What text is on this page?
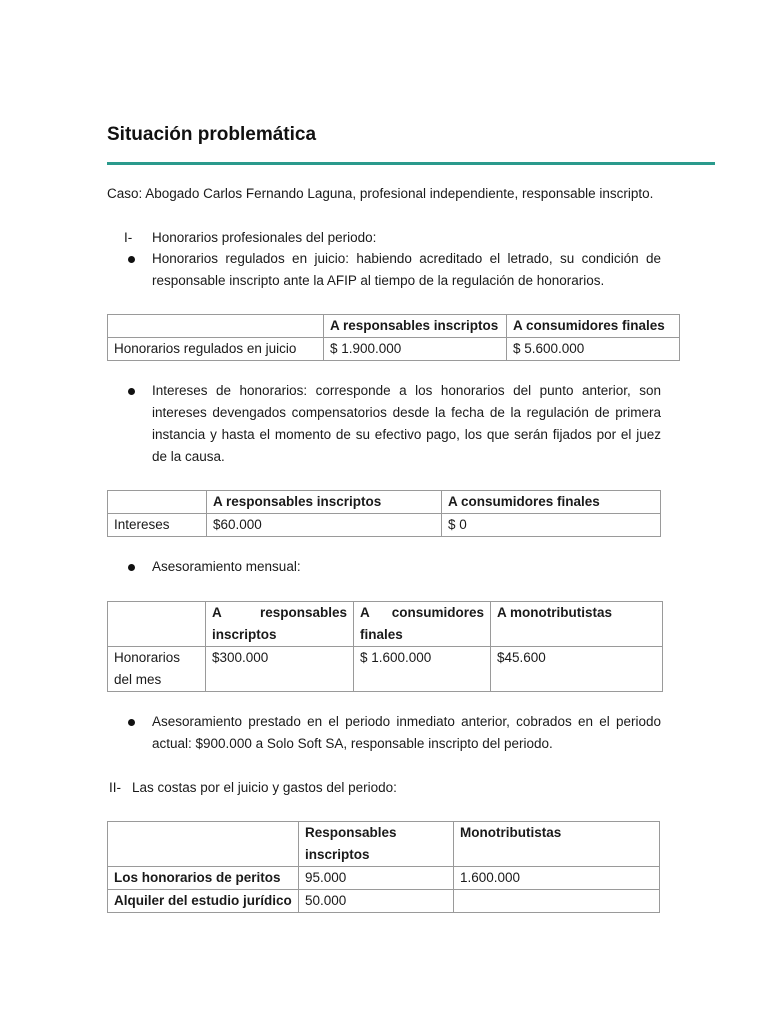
Situación problemática
Caso: Abogado Carlos Fernando Laguna, profesional independiente, responsable inscripto.
I- Honorarios profesionales del periodo:

Honorarios regulados en juicio: habiendo acreditado el letrado, su condición de responsable inscripto ante la AFIP al tiempo de la regulación de honorarios.

	A responsables inscriptos	A consumidores finales
Honorarios regulados en juicio	$ 1.900.000	$ 5.600.000

Intereses de honorarios: corresponde a los honorarios del punto anterior, son intereses devengados compensatorios desde la fecha de la regulación de primera instancia y hasta el momento de su efectivo pago, los que serán fijados por el juez de la causa.

	A responsables inscriptos	A consumidores finales
Intereses	$60.000	$ 0

Asesoramiento mensual:

	A responsables inscriptos	A consumidores finales	A monotributistas
Honorarios del mes	$300.000	$ 1.600.000	$45.600

Asesoramiento prestado en el periodo inmediato anterior, cobrados en el periodo actual: $900.000 a Solo Soft SA, responsable inscripto del periodo.

II- Las costas por el juicio y gastos del periodo:
	Responsables inscriptos	Monotributistas
Los honorarios de peritos	95.000	1.600.000
Alquiler del estudio jurídico	50.000	
